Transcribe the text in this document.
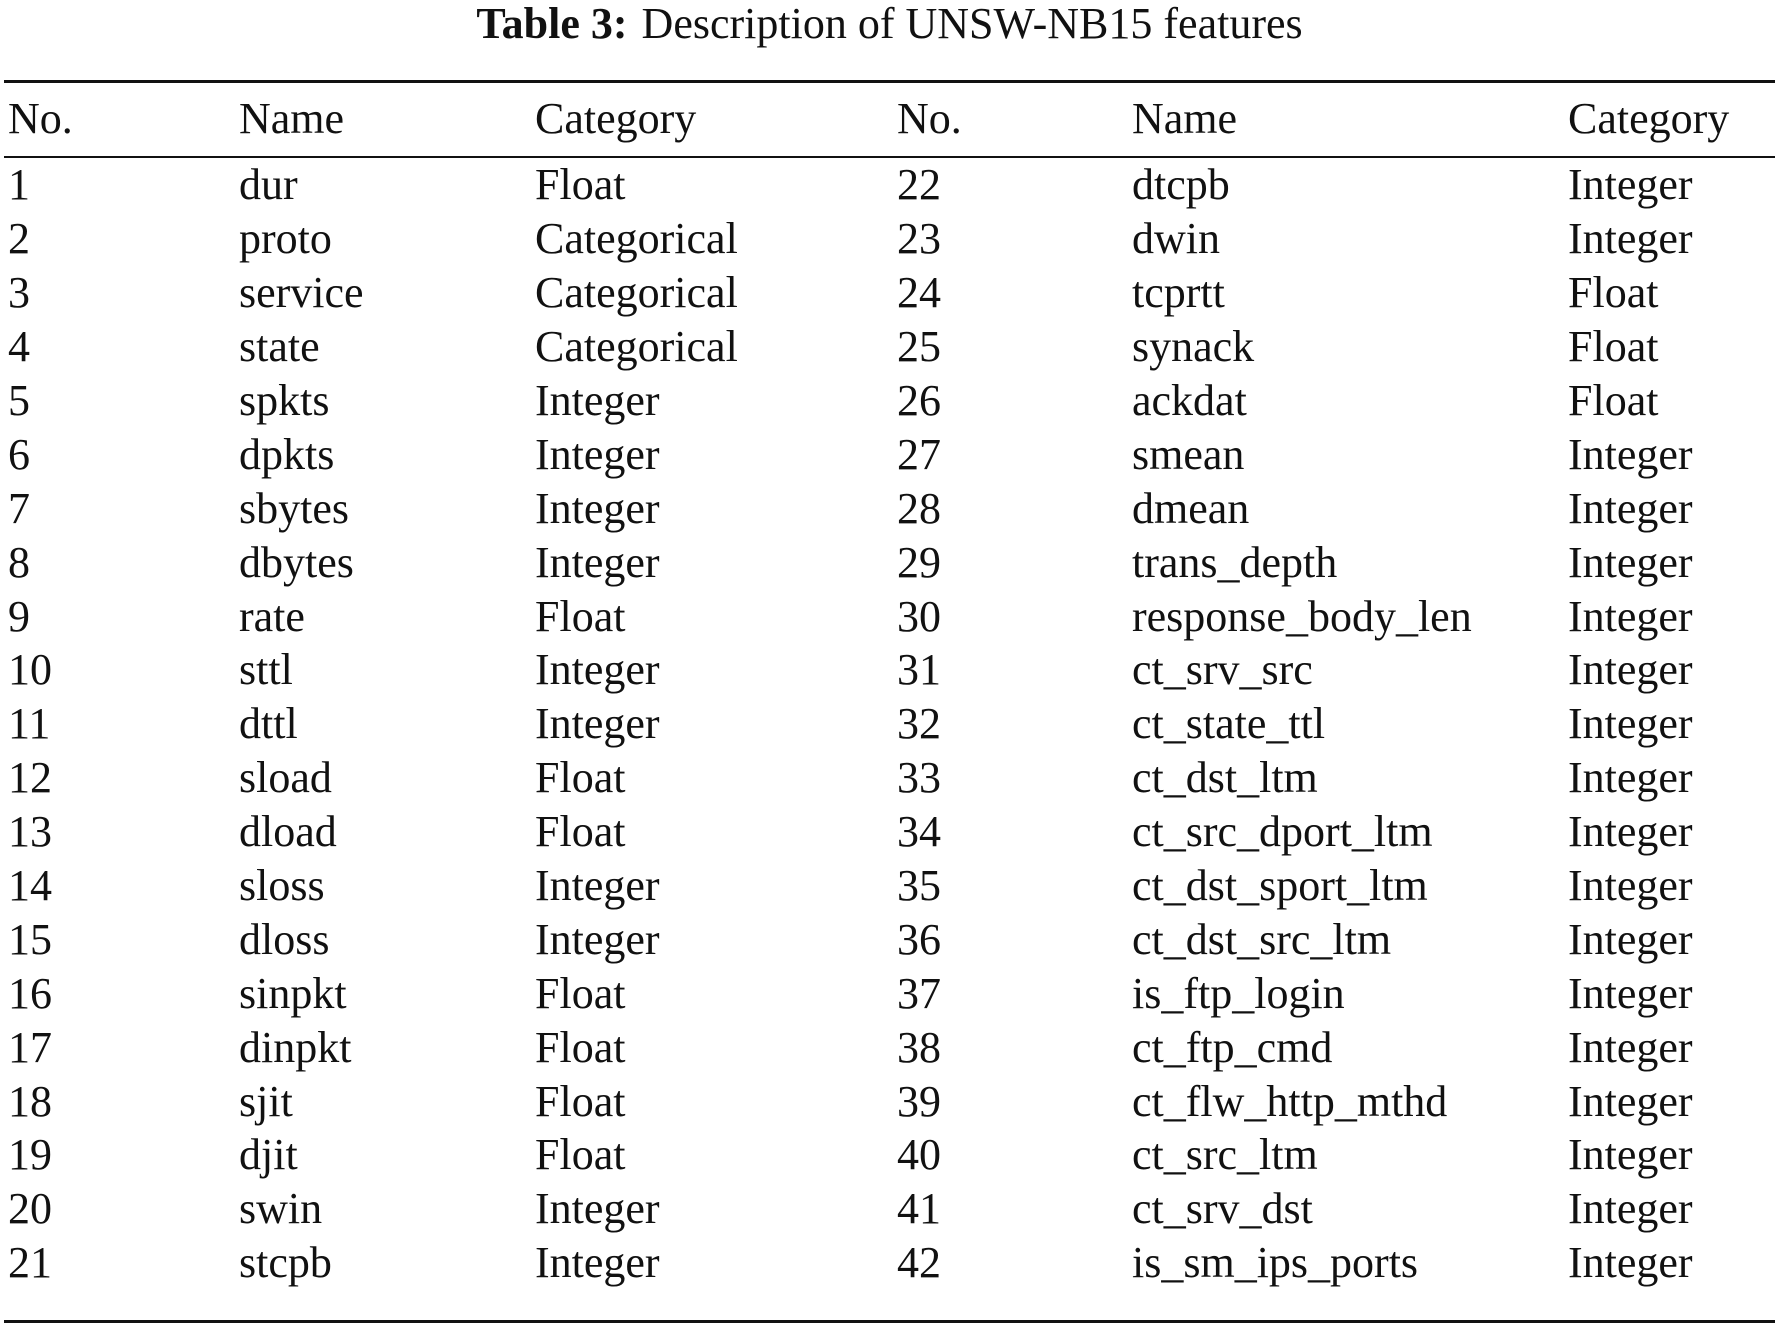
Table 3: Description of UNSW-NB15 features
No.	Name	Category	No.	Name	Category
1	dur	Float	22	dtcpb	Integer
2	proto	Categorical	23	dwin	Integer
3	service	Categorical	24	tcprtt	Float
4	state	Categorical	25	synack	Float
5	spkts	Integer	26	ackdat	Float
6	dpkts	Integer	27	smean	Integer
7	sbytes	Integer	28	dmean	Integer
8	dbytes	Integer	29	trans_depth	Integer
9	rate	Float	30	response_body_len	Integer
10	sttl	Integer	31	ct_srv_src	Integer
11	dttl	Integer	32	ct_state_ttl	Integer
12	sload	Float	33	ct_dst_ltm	Integer
13	dload	Float	34	ct_src_dport_ltm	Integer
14	sloss	Integer	35	ct_dst_sport_ltm	Integer
15	dloss	Integer	36	ct_dst_src_ltm	Integer
16	sinpkt	Float	37	is_ftp_login	Integer
17	dinpkt	Float	38	ct_ftp_cmd	Integer
18	sjit	Float	39	ct_flw_http_mthd	Integer
19	djit	Float	40	ct_src_ltm	Integer
20	swin	Integer	41	ct_srv_dst	Integer
21	stcpb	Integer	42	is_sm_ips_ports	Integer
